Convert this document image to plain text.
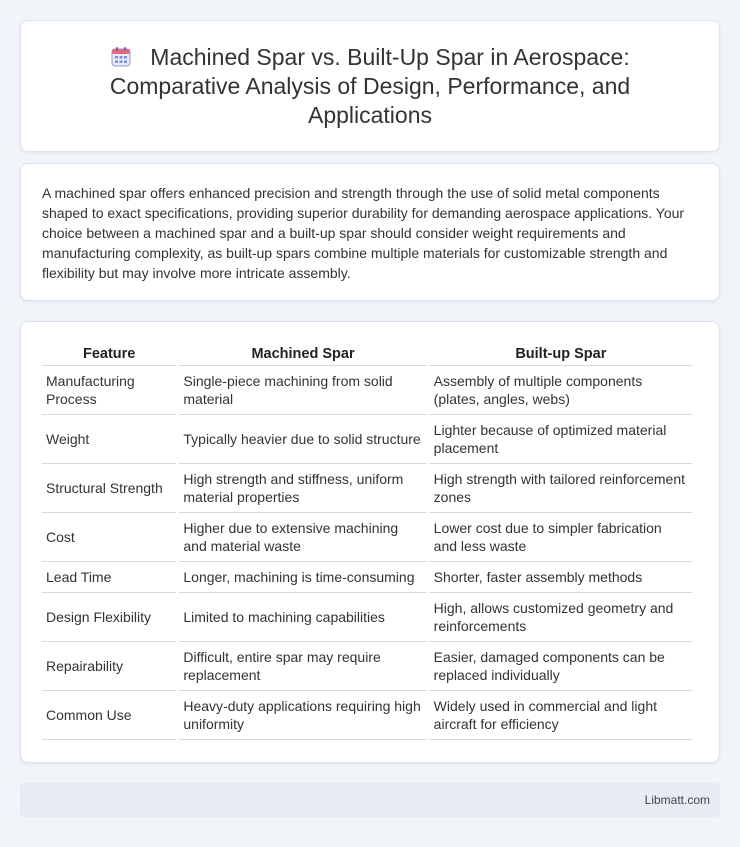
Machined Spar vs. Built-Up Spar in Aerospace: Comparative Analysis of Design, Performance, and Applications

A machined spar offers enhanced precision and strength through the use of solid metal components shaped to exact specifications, providing superior durability for demanding aerospace applications. Your choice between a machined spar and a built-up spar should consider weight requirements and manufacturing complexity, as built-up spars combine multiple materials for customizable strength and flexibility but may involve more intricate assembly.

Feature	Machined Spar	Built-up Spar
Manufacturing Process	Single-piece machining from solid material	Assembly of multiple components (plates, angles, webs)
Weight	Typically heavier due to solid structure	Lighter because of optimized material placement
Structural Strength	High strength and stiffness, uniform material properties	High strength with tailored reinforcement zones
Cost	Higher due to extensive machining and material waste	Lower cost due to simpler fabrication and less waste
Lead Time	Longer, machining is time-consuming	Shorter, faster assembly methods
Design Flexibility	Limited to machining capabilities	High, allows customized geometry and reinforcements
Repairability	Difficult, entire spar may require replacement	Easier, damaged components can be replaced individually
Common Use	Heavy-duty applications requiring high uniformity	Widely used in commercial and light aircraft for efficiency
Libmatt.com
